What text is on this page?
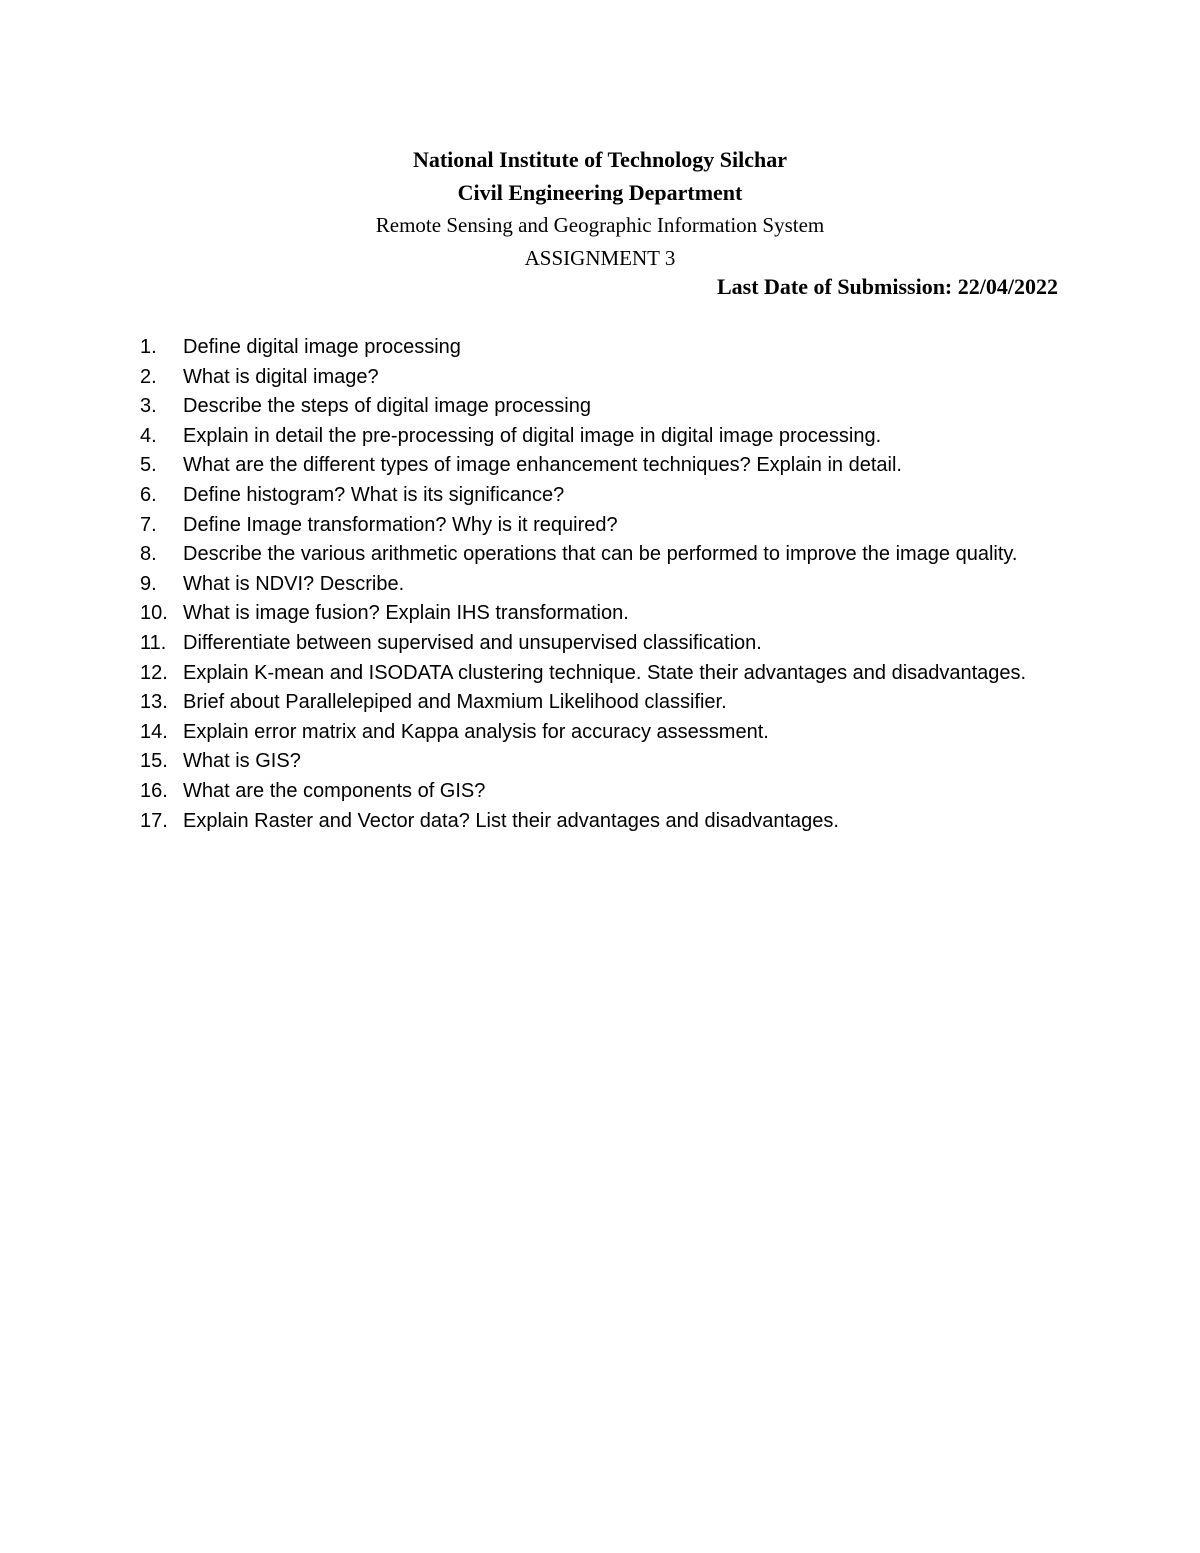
National Institute of Technology Silchar
Civil Engineering Department
Remote Sensing and Geographic Information System
ASSIGNMENT 3
Last Date of Submission: 22/04/2022
1.	Define digital image processing
2.	What is digital image?
3.	Describe the steps of digital image processing
4.	Explain in detail the pre-processing of digital image in digital image processing.
5.	What are the different types of image enhancement techniques? Explain in detail.
6.	Define histogram? What is its significance?
7.	Define Image transformation? Why is it required?
8.	Describe the various arithmetic operations that can be performed to improve the image quality.
9.	What is NDVI? Describe.
10. What is image fusion? Explain IHS transformation.
11. Differentiate between supervised and unsupervised classification.
12. Explain K-mean and ISODATA clustering technique. State their advantages and disadvantages.
13. Brief about Parallelepiped and Maxmium Likelihood classifier.
14. Explain error matrix and Kappa analysis for accuracy assessment.
15. What is GIS?
16. What are the components of GIS?
17. Explain Raster and Vector data? List their advantages and disadvantages.
